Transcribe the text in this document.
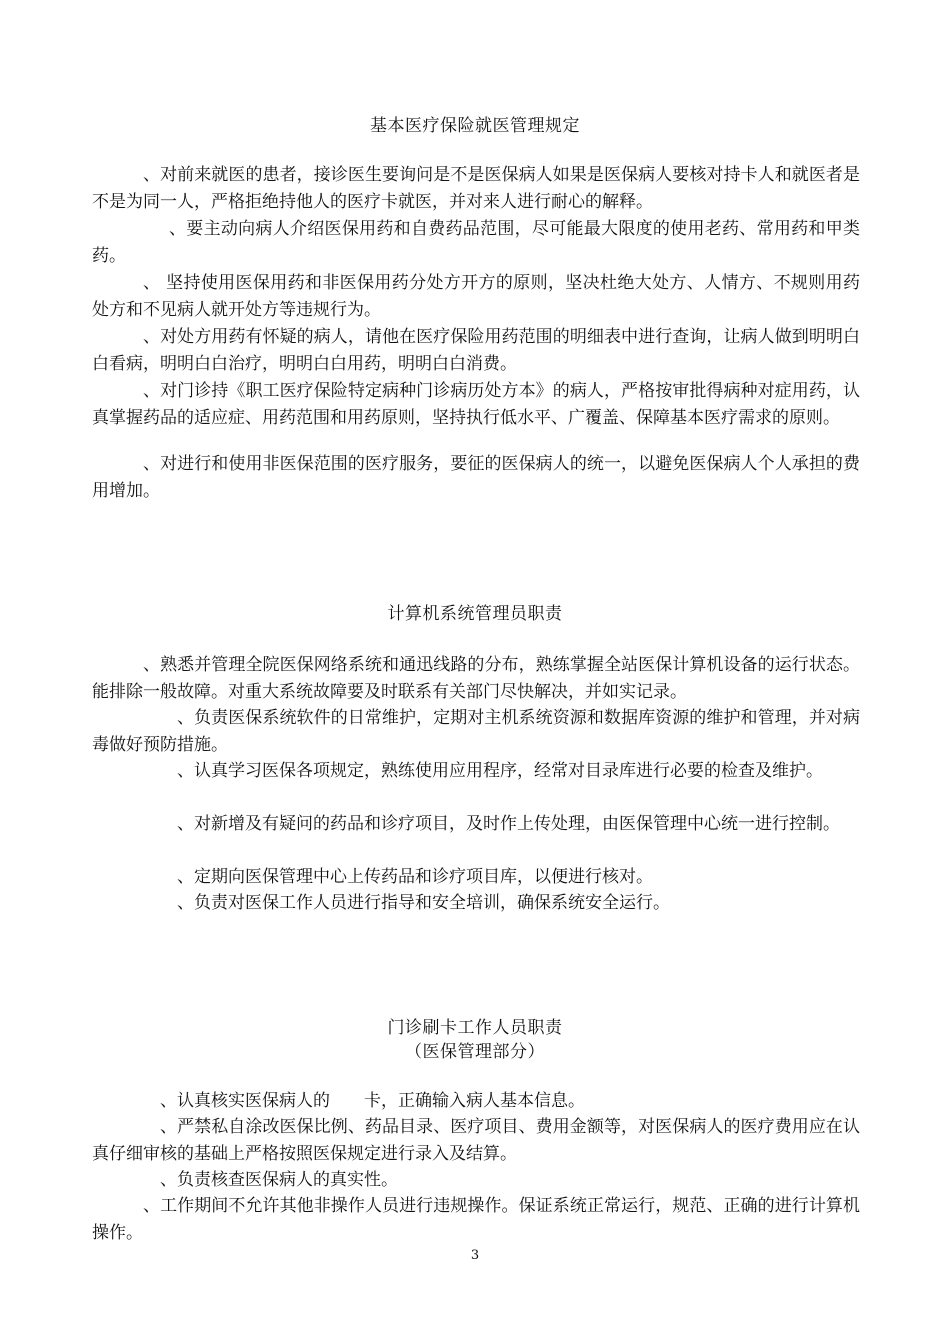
基本医疗保险就医管理规定

、对前来就医的患者，接诊医生要询问是不是医保病人如果是医保病人要核对持卡人和就医者是不是为同一人，严格拒绝持他人的医疗卡就医，并对来人进行耐心的解释。

、要主动向病人介绍医保用药和自费药品范围，尽可能最大限度的使用老药、常用药和甲类药。

、 坚持使用医保用药和非医保用药分处方开方的原则，坚决杜绝大处方、人情方、不规则用药处方和不见病人就开处方等违规行为。

、对处方用药有怀疑的病人，请他在医疗保险用药范围的明细表中进行查询，让病人做到明明白白看病，明明白白治疗，明明白白用药，明明白白消费。

、对门诊持《职工医疗保险特定病种门诊病历处方本》的病人，严格按审批得病种对症用药，认真掌握药品的适应症、用药范围和用药原则，坚持执行低水平、广覆盖、保障基本医疗需求的原则。

、对进行和使用非医保范围的医疗服务，要征的医保病人的统一，以避免医保病人个人承担的费用增加。

计算机系统管理员职责

、熟悉并管理全院医保网络系统和通迅线路的分布，熟练掌握全站医保计算机设备的运行状态。能排除一般故障。对重大系统故障要及时联系有关部门尽快解决，并如实记录。

、负责医保系统软件的日常维护，定期对主机系统资源和数据库资源的维护和管理，并对病毒做好预防措施。

、认真学习医保各项规定，熟练使用应用程序，经常对目录库进行必要的检查及维护。

、对新增及有疑问的药品和诊疗项目，及时作上传处理，由医保管理中心统一进行控制。

、定期向医保管理中心上传药品和诊疗项目库，以便进行核对。

、负责对医保工作人员进行指导和安全培训，确保系统安全运行。

门诊刷卡工作人员职责
（医保管理部分）

、认真核实医保病人的　　卡，正确输入病人基本信息。

、严禁私自涂改医保比例、药品目录、医疗项目、费用金额等，对医保病人的医疗费用应在认真仔细审核的基础上严格按照医保规定进行录入及结算。

、负责核查医保病人的真实性。

、工作期间不允许其他非操作人员进行违规操作。保证系统正常运行，规范、正确的进行计算机操作。

3
